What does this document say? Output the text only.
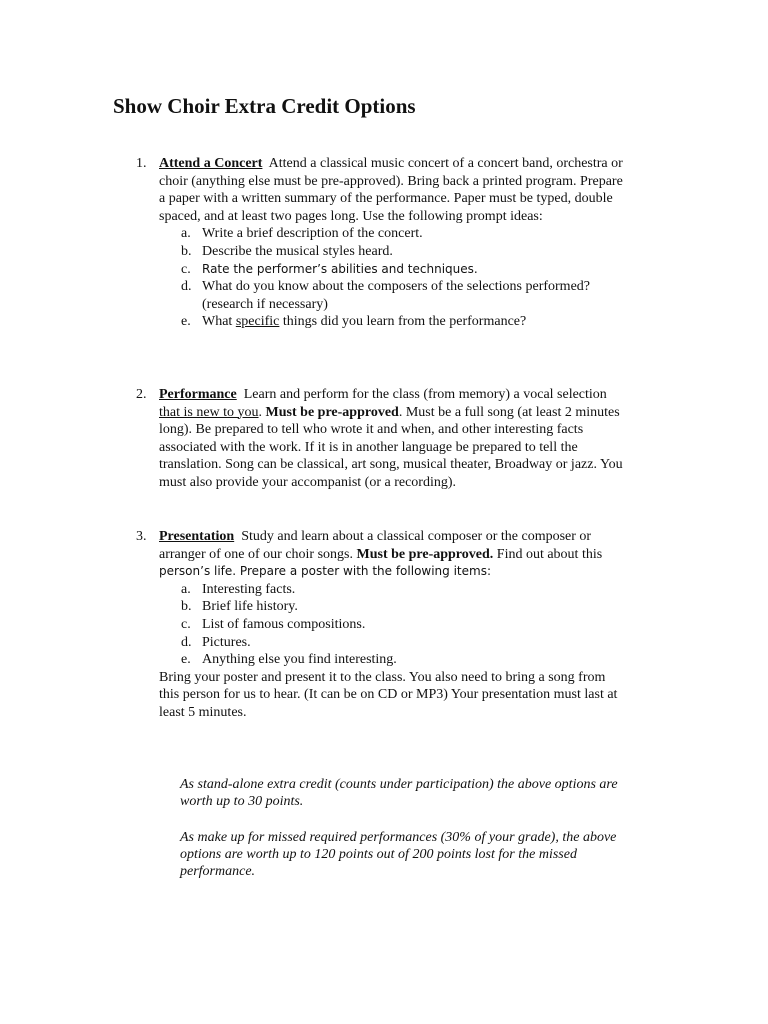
Show Choir Extra Credit Options
1. Attend a Concert Attend a classical music concert of a concert band, orchestra or choir (anything else must be pre-approved). Bring back a printed program. Prepare a paper with a written summary of the performance. Paper must be typed, double spaced, and at least two pages long. Use the following prompt ideas:

a. Write a brief description of the concert.
b. Describe the musical styles heard.
c. Rate the performer’s abilities and techniques.
d. What do you know about the composers of the selections performed? (research if necessary)
e. What specific things did you learn from the performance?
2. Performance Learn and perform for the class (from memory) a vocal selection that is new to you. Must be pre-approved. Must be a full song (at least 2 minutes long). Be prepared to tell who wrote it and when, and other interesting facts associated with the work. If it is in another language be prepared to tell the translation. Song can be classical, art song, musical theater, Broadway or jazz. You must also provide your accompanist (or a recording).

3. Presentation Study and learn about a classical composer or the composer or arranger of one of our choir songs. Must be pre-approved. Find out about this person’s life. Prepare a poster with the following items:

a. Interesting facts.
b. Brief life history.
c. List of famous compositions.
d. Pictures.
e. Anything else you find interesting.

Bring your poster and present it to the class. You also need to bring a song from this person for us to hear. (It can be on CD or MP3) Your presentation must last at least 5 minutes.

As stand-alone extra credit (counts under participation) the above options are worth up to 30 points.

As make up for missed required performances (30% of your grade), the above options are worth up to 120 points out of 200 points lost for the missed performance.
